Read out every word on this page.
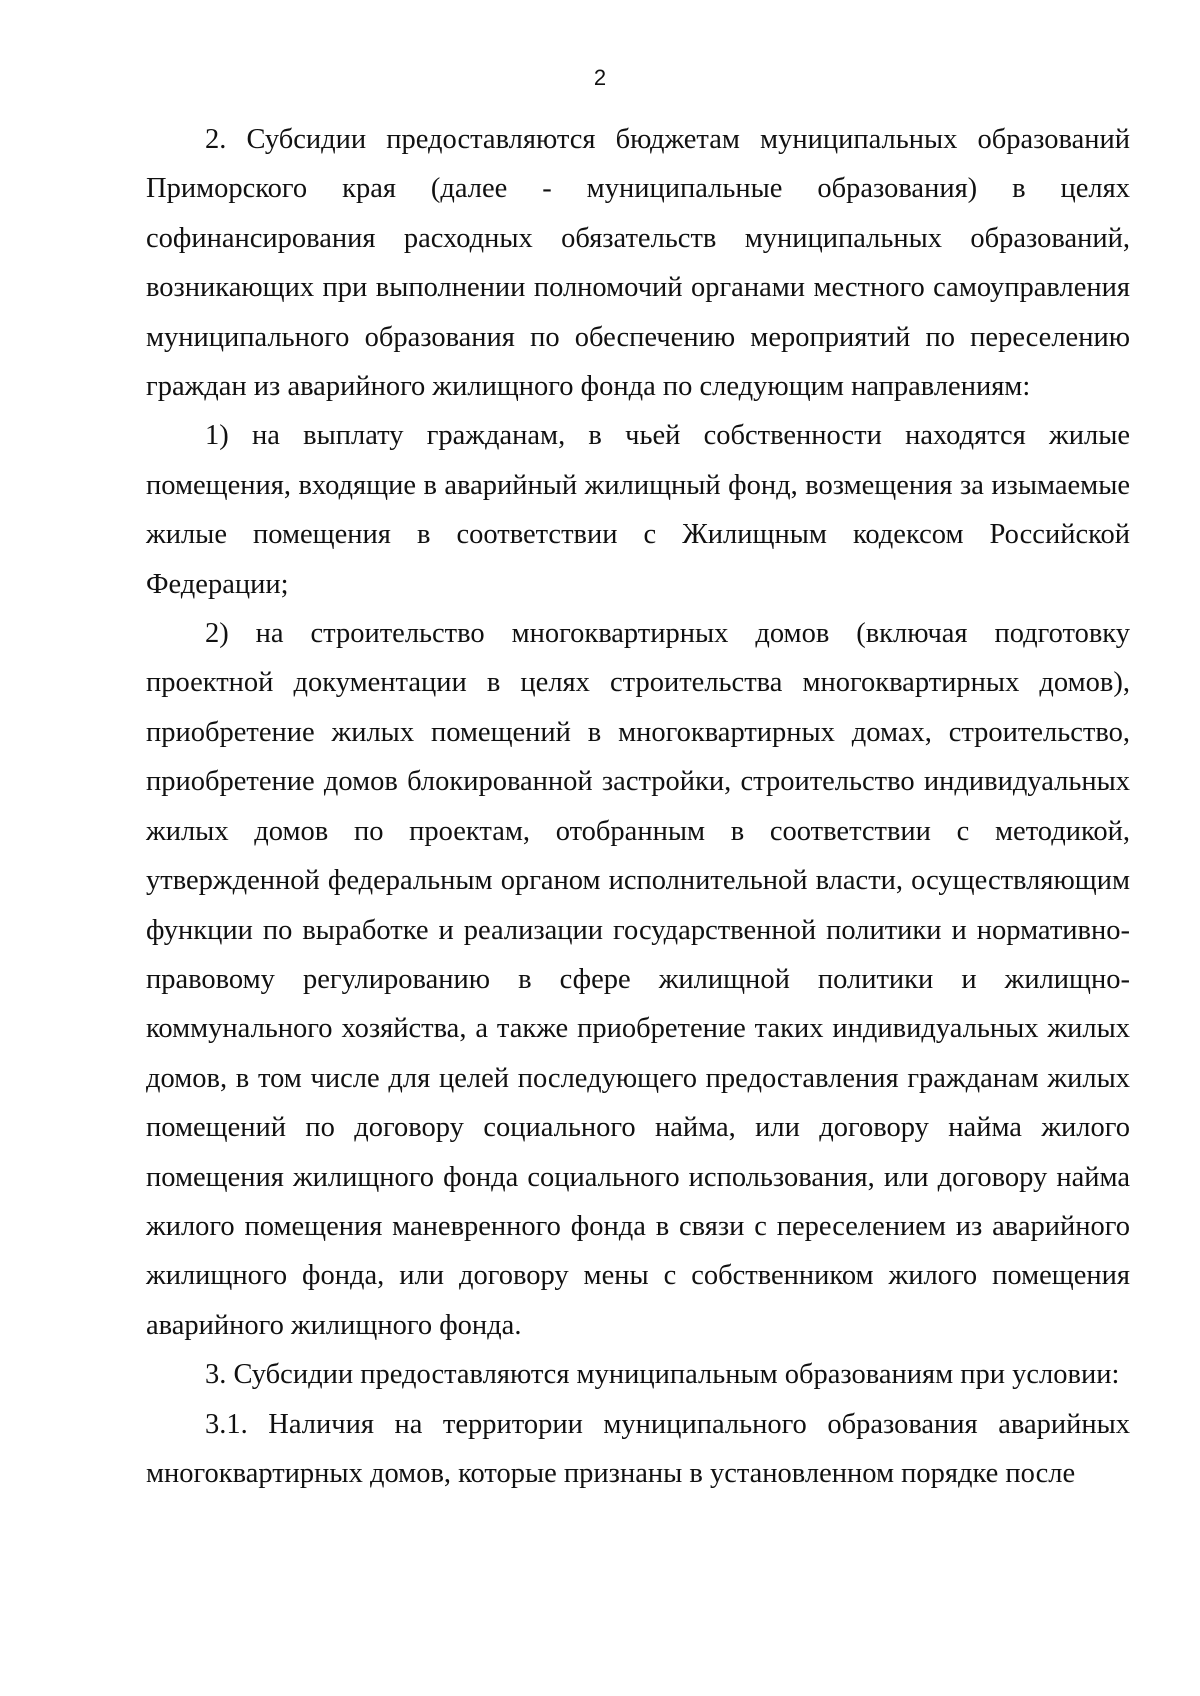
2

2. Субсидии предоставляются бюджетам муниципальных образований Приморского края (далее - муниципальные образования) в целях софинансирования расходных обязательств муниципальных образований, возникающих при выполнении полномочий органами местного самоуправления муниципального образования по обеспечению мероприятий по переселению граждан из аварийного жилищного фонда по следующим направлениям:

1) на выплату гражданам, в чьей собственности находятся жилые помещения, входящие в аварийный жилищный фонд, возмещения за изымаемые жилые помещения в соответствии с Жилищным кодексом Российской Федерации;

2) на строительство многоквартирных домов (включая подготовку проектной документации в целях строительства многоквартирных домов), приобретение жилых помещений в многоквартирных домах, строительство, приобретение домов блокированной застройки, строительство индивидуальных жилых домов по проектам, отобранным в соответствии с методикой, утвержденной федеральным органом исполнительной власти, осуществляющим функции по выработке и реализации государственной политики и нормативно-правовому регулированию в сфере жилищной политики и жилищно-коммунального хозяйства, а также приобретение таких индивидуальных жилых домов, в том числе для целей последующего предоставления гражданам жилых помещений по договору социального найма, или договору найма жилого помещения жилищного фонда социального использования, или договору найма жилого помещения маневренного фонда в связи с переселением из аварийного жилищного фонда, или договору мены с собственником жилого помещения аварийного жилищного фонда.

3. Субсидии предоставляются муниципальным образованиям при условии:

3.1. Наличия на территории муниципального образования аварийных многоквартирных домов, которые признаны в установленном порядке после
